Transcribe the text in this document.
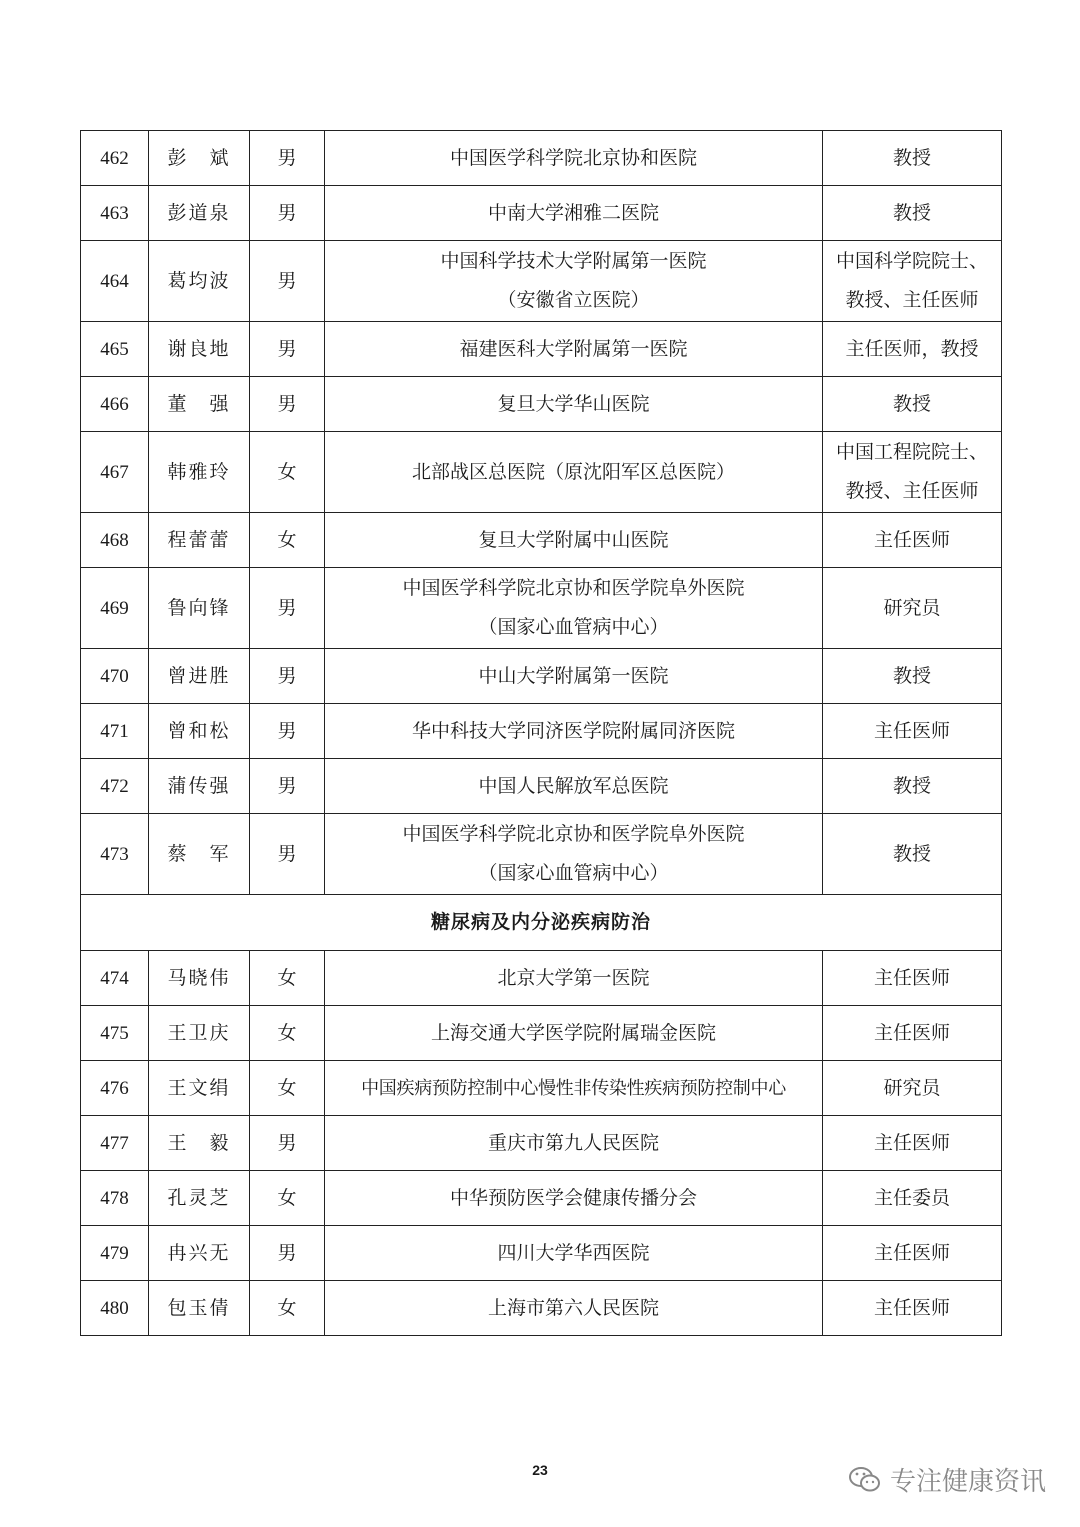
462	彭　斌	男	中国医学科学院北京协和医院	教授

463	彭道泉	男	中南大学湘雅二医院	教授

464	葛均波	男	中国科学技术大学附属第一医院
（安徽省立医院）	中国科学院院士、
教授、主任医师

465	谢良地	男	福建医科大学附属第一医院	主任医师，教授

466	董　强	男	复旦大学华山医院	教授

467	韩雅玲	女	北部战区总医院（原沈阳军区总医院）	中国工程院院士、
教授、主任医师

468	程蕾蕾	女	复旦大学附属中山医院	主任医师

469	鲁向锋	男	中国医学科学院北京协和医学院阜外医院
（国家心血管病中心）	研究员

470	曾进胜	男	中山大学附属第一医院	教授

471	曾和松	男	华中科技大学同济医学院附属同济医院	主任医师

472	蒲传强	男	中国人民解放军总医院	教授

473	蔡　军	男	中国医学科学院北京协和医学院阜外医院
（国家心血管病中心）	教授

糖尿病及内分泌疾病防治				
474	马晓伟	女	北京大学第一医院	主任医师

475	王卫庆	女	上海交通大学医学院附属瑞金医院	主任医师

476	王文绢	女	中国疾病预防控制中心慢性非传染性疾病预防控制中心	研究员

477	王　毅	男	重庆市第九人民医院	主任医师

478	孔灵芝	女	中华预防医学会健康传播分会	主任委员

479	冉兴无	男	四川大学华西医院	主任医师

480	包玉倩	女	上海市第六人民医院	主任医师
23	专注健康资讯
